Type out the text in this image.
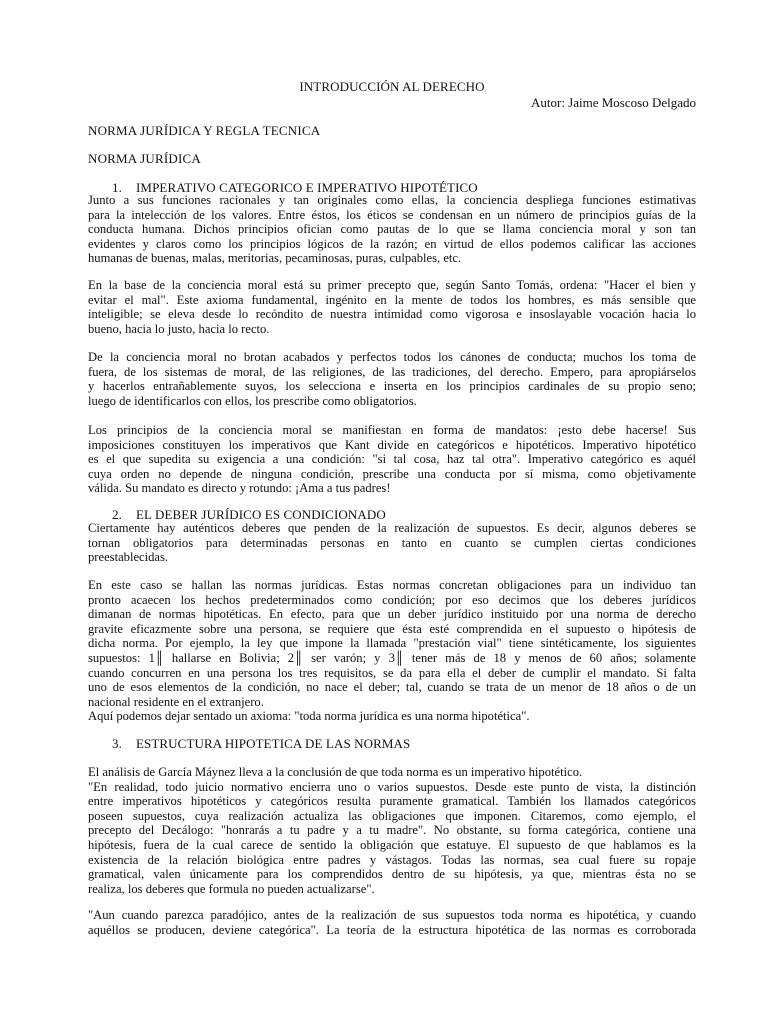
INTRODUCCIÓN AL DERECHO
Autor: Jaime Moscoso Delgado
NORMA JURÍDICA Y REGLA TECNICA
NORMA JURÍDICA
1. IMPERATIVO CATEGORICO E IMPERATIVO HIPOTÉTICO
Junto a sus funciones racionales y tan originales como ellas, la conciencia despliega funciones estimativas
para la intelección de los valores. Entre éstos, los éticos se condensan en un número de principios guías de la
conducta humana. Dichos principios ofician como pautas de lo que se llama conciencia moral y son tan
evidentes y claros como los principios lógicos de la razón; en virtud de ellos podemos calificar las acciones
humanas de buenas, malas, meritorias, pecaminosas, puras, culpables, etc.
En la base de la conciencia moral está su primer precepto que, según Santo Tomás, ordena: "Hacer el bien y
evitar el mal". Este axioma fundamental, ingénito en la mente de todos los hombres, es más sensible que
inteligible; se eleva desde lo recóndito de nuestra intimidad como vigorosa e insoslayable vocación hacia lo
bueno, hacia lo justo, hacia lo recto.
De la conciencia moral no brotan acabados y perfectos todos los cánones de conducta; muchos los toma de
fuera, de los sistemas de moral, de las religiones, de las tradiciones, del derecho. Empero, para apropiárselos
y hacerlos entrañablemente suyos, los selecciona e inserta en los principios cardinales de su propio seno;
luego de identificarlos con ellos, los prescribe como obligatorios.
Los principios de la conciencia moral se manifiestan en forma de mandatos: ¡esto debe hacerse! Sus
imposiciones constituyen los imperativos que Kant divide en categóricos e hipotéticos. Imperativo hipotético
es el que supedita su exigencia a una condición: "si tal cosa, haz tal otra". Imperativo categórico es aquél
cuya orden no depende de ninguna condición, prescribe una conducta por sí misma, como objetivamente
válida. Su mandato es directo y rotundo: ¡Ama a tus padres!
2. EL DEBER JURÍDICO ES CONDICIONADO
Ciertamente hay auténticos deberes que penden de la realización de supuestos. Es decir, algunos deberes se
tornan obligatorios para determinadas personas en tanto en cuanto se cumplen ciertas condiciones
preestablecidas.
En este caso se hallan las normas jurídicas. Estas normas concretan obligaciones para un individuo tan
pronto acaecen los hechos predeterminados como condición; por eso decimos que los deberes jurídicos
dimanan de normas hipotéticas. En efecto, para que un deber jurídico instituido por una norma de derecho
gravite eficazmente sobre una persona, se requiere que ésta esté comprendida en el supuesto o hipótesis de
dicha norma. Por ejemplo, la ley que impone la llamada "prestación vial" tiene sintéticamente, los siguientes
supuestos: 1║ hallarse en Bolivia; 2║ ser varón; y 3║ tener más de 18 y menos de 60 años; solamente
cuando concurren en una persona los tres requisitos, se da para ella el deber de cumplir el mandato. Si falta
uno de esos elementos de la condición, no nace el deber; tal, cuando se trata de un menor de 18 años o de un
nacional residente en el extranjero.
Aquí podemos dejar sentado un axioma: "toda norma jurídica es una norma hipotética".
3. ESTRUCTURA HIPOTETICA DE LAS NORMAS
El análisis de García Máynez lleva a la conclusión de que toda norma es un imperativo hipotético.
"En realidad, todo juicio normativo encierra uno o varios supuestos. Desde este punto de vista, la distinción
entre imperativos hipotéticos y categóricos resulta puramente gramatical. También los llamados categóricos
poseen supuestos, cuya realización actualiza las obligaciones que imponen. Citaremos, como ejemplo, el
precepto del Decálogo: "honrarás a tu padre y a tu madre". No obstante, su forma categórica, contiene una
hipótesis, fuera de la cual carece de sentido la obligación que estatuye. El supuesto de que hablamos es la
existencia de la relación biológica entre padres y vástagos. Todas las normas, sea cual fuere su ropaje
gramatical, valen únicamente para los comprendidos dentro de su hipótesis, ya que, mientras ésta no se
realiza, los deberes que formula no pueden actualizarse".
"Aun cuando parezca paradójico, antes de la realización de sus supuestos toda norma es hipotética, y cuando
aquéllos se producen, deviene categórica". La teoría de la estructura hipotética de las normas es corroborada
